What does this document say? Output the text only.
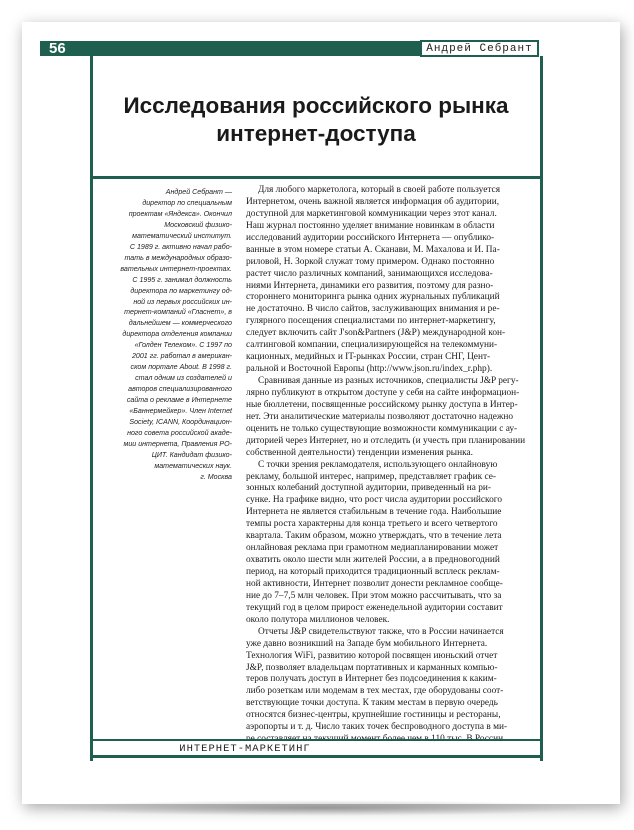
56	Андрей Себрант
Исследования российского рынка
интернет-доступа
Андрей Себрант —
директор по специальным
проектам «Яндекса». Окончил
Московский физико-
математический институт.
С 1989 г. активно начал рабо-
тать в международных образо-
вательных интернет-проектах.
С 1995 г. занимал должность
директора по маркетингу од-
ной из первых российских ин-
тернет-компаний «Гласнет», в
дальнейшем — коммерческого
директора отделения компании
«Голден Телеком». С 1997 по
2001 гг. работал в американ-
ском портале About. В 1998 г.
стал одним из создателей и
авторов специализированного
сайта о рекламе в Интернете
«Баннермейкер». Член Internet
Society, ICANN, Координацион-
ного совета российской акаде-
мии интернета, Правления РО-
ЦИТ. Кандидат физико-
математических наук.
г. Москва
Для любого маркетолога, который в своей работе пользуется
Интернетом, очень важной является информация об аудитории,
доступной для маркетинговой коммуникации через этот канал.
Наш журнал постоянно уделяет внимание новинкам в области
исследований аудитории российского Интернета — опублико-
ванные в этом номере статьи А. Сканави, М. Махалова и И. Па-
риловой, Н. Зоркой служат тому примером. Однако постоянно
растет число различных компаний, занимающихся исследова-
ниями Интернета, динамики его развития, поэтому для разно-
стороннего мониторинга рынка одних журнальных публикаций
не достаточно. В число сайтов, заслуживающих внимания и ре-
гулярного посещения специалистами по интернет-маркетингу,
следует включить сайт J'son&Partners (J&P) международной кон-
салтинговой компании, специализирующейся на телекоммуни-
кационных, медийных и IT-рынках России, стран СНГ, Цент-
ральной и Восточной Европы (http://www.json.ru/index_r.php).
Сравнивая данные из разных источников, специалисты J&P регу-
лярно публикуют в открытом доступе у себя на сайте информацион-
ные бюллетени, посвященные российскому рынку доступа в Интер-
нет. Эти аналитические материалы позволяют достаточно надежно
оценить не только существующие возможности коммуникации с ау-
диторией через Интернет, но и отследить (и учесть при планировании
собственной деятельности) тенденции изменения рынка.
С точки зрения рекламодателя, использующего онлайновую
рекламу, большой интерес, например, представляет график се-
зонных колебаний доступной аудитории, приведенный на ри-
сунке. На графике видно, что рост числа аудитории российского
Интернета не является стабильным в течение года. Наибольшие
темпы роста характерны для конца третьего и всего четвертого
квартала. Таким образом, можно утверждать, что в течение лета
онлайновая реклама при грамотном медиапланировании может
охватить около шести млн жителей России, а в предновогодний
период, на который приходится традиционный всплеск реклам-
ной активности, Интернет позволит донести рекламное сообще-
ние до 7–7,5 млн человек. При этом можно рассчитывать, что за
текущий год в целом прирост еженедельной аудитории составит
около полутора миллионов человек.
Отчеты J&P свидетельствуют также, что в России начинается
уже давно возникший на Западе бум мобильного Интернета.
Технология WiFi, развитию которой посвящен июньский отчет
J&P, позволяет владельцам портативных и карманных компью-
теров получать доступ в Интернет без подсоединения к каким-
либо розеткам или модемам в тех местах, где оборудованы соот-
ветствующие точки доступа. К таким местам в первую очередь
относятся бизнес-центры, крупнейшие гостиницы и рестораны,
аэропорты и т. д. Число таких точек беспроводного доступа в ми-
ИНТЕРНЕТ-МАРКЕТИНГ
